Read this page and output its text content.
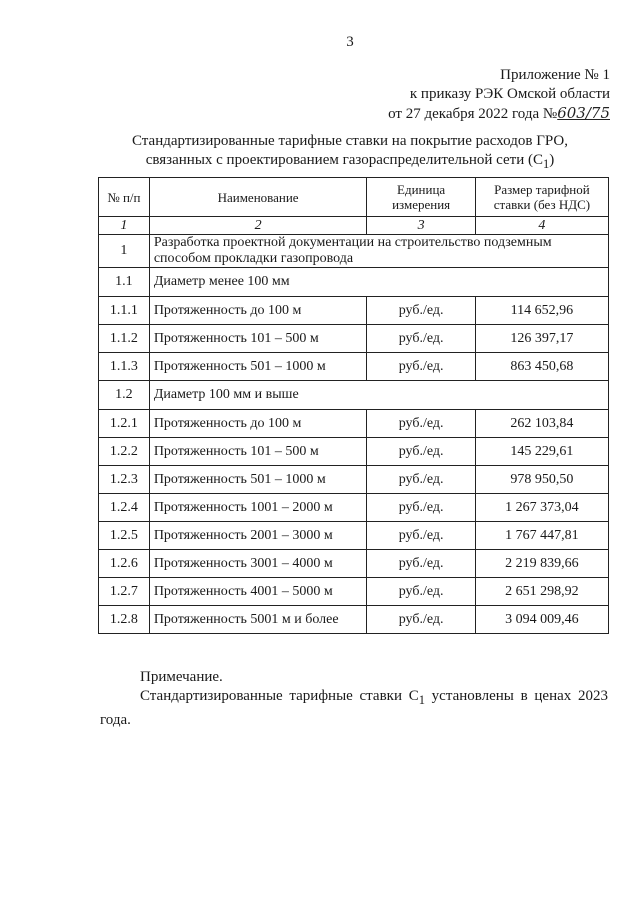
3
Приложение № 1
к приказу РЭК Омской области
от 27 декабря 2022 года №603/75
Стандартизированные тарифные ставки на покрытие расходов ГРО,
связанных с проектированием газораспределительной сети $(С_1)$
№ п/п	Наименование	Единица измерения	Размер тарифной ставки (без НДС)
1	2	3	4
1	Разработка проектной документации на строительство подземным способом прокладки газопровода		
1.1	Диаметр менее 100 мм		
1.1.1	Протяженность до 100 м	руб./ед.	114 652,96
1.1.2	Протяженность 101 – 500 м	руб./ед.	126 397,17
1.1.3	Протяженность 501 – 1000 м	руб./ед.	863 450,68
1.2	Диаметр 100 мм и выше		
1.2.1	Протяженность до 100 м	руб./ед.	262 103,84
1.2.2	Протяженность 101 – 500 м	руб./ед.	145 229,61
1.2.3	Протяженность 501 – 1000 м	руб./ед.	978 950,50
1.2.4	Протяженность 1001 – 2000 м	руб./ед.	1 267 373,04
1.2.5	Протяженность 2001 – 3000 м	руб./ед.	1 767 447,81
1.2.6	Протяженность 3001 – 4000 м	руб./ед.	2 219 839,66
1.2.7	Протяженность 4001 – 5000 м	руб./ед.	2 651 298,92
1.2.8	Протяженность 5001 м и более	руб./ед.	3 094 009,46
Примечание.
Стандартизированные тарифные ставки $С_1$ установлены в ценах 2023 года.
